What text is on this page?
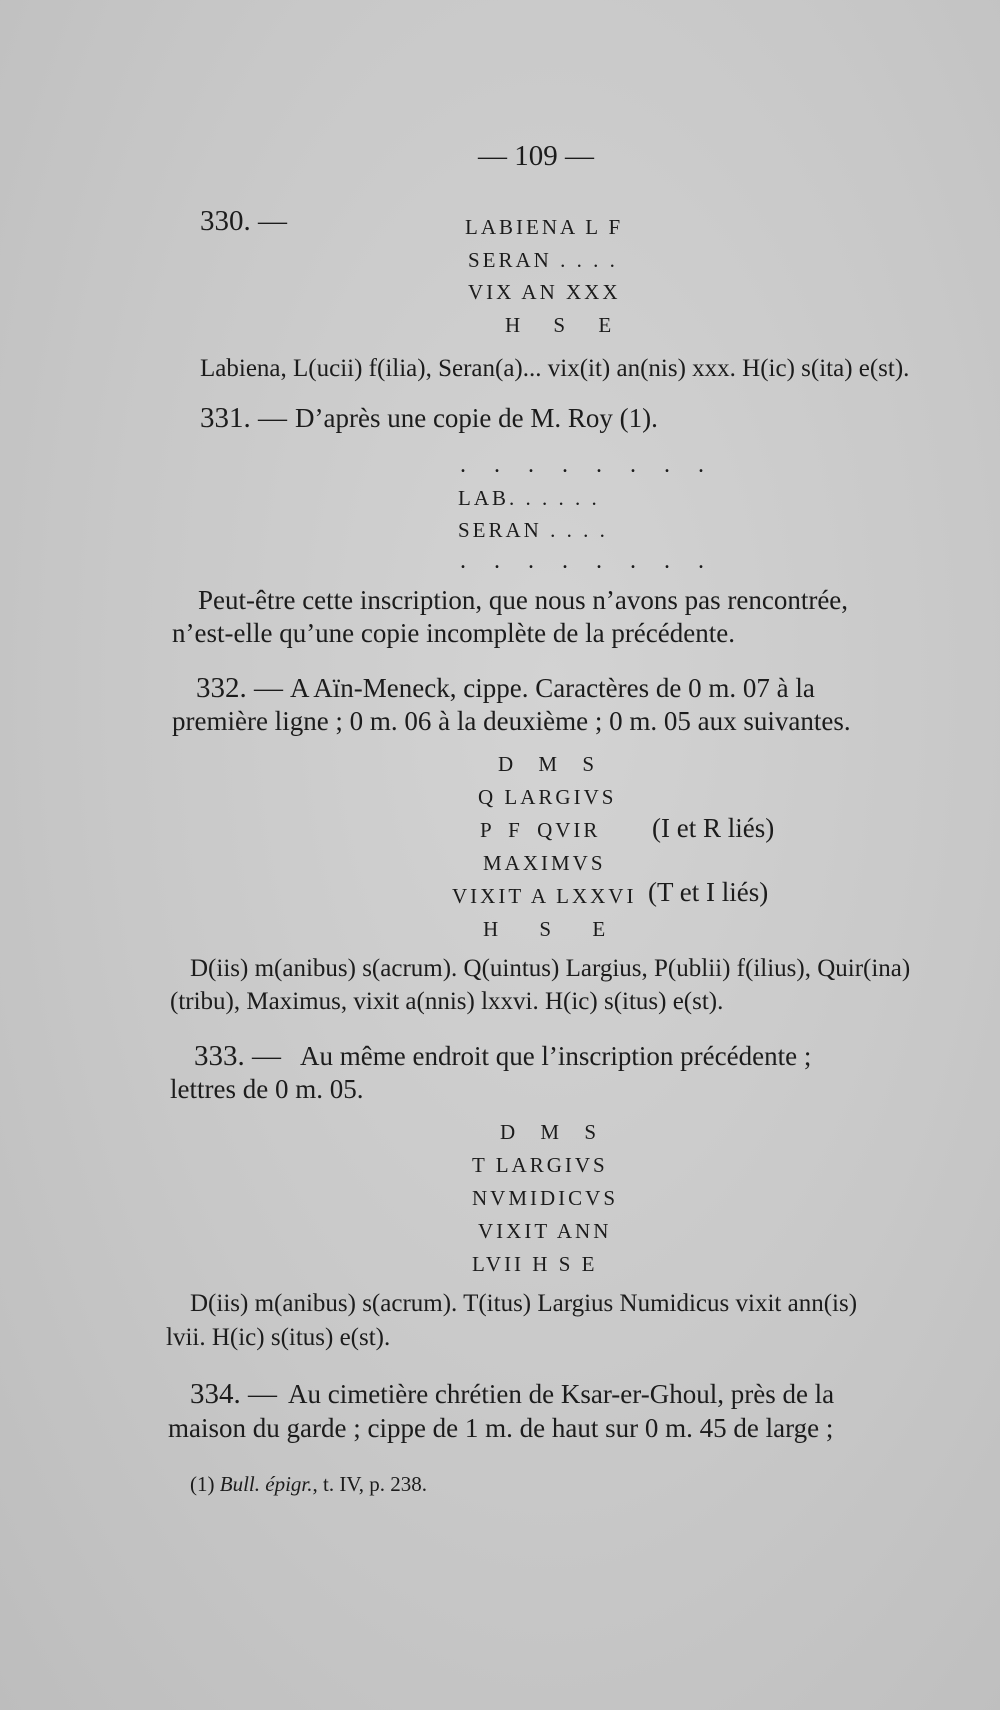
— 109 —
330. —	LABIENA L F
SERAN . . . .
VIX AN XXX
H S E
Labiena, L(ucii) f(ilia), Seran(a)... vix(it) an(nis) xxx. H(ic) s(ita) e(st).
331. — D’après une copie de M. Roy (1).
. . . . . . . .
LAB. . . . . .
SERAN . . . .
. . . . . . . .
Peut-être cette inscription, que nous n’avons pas rencontrée,
n’est-elle qu’une copie incomplète de la précédente.
332. — A Aïn-Meneck, cippe. Caractères de 0 m. 07 à la
première ligne ; 0 m. 06 à la deuxième ; 0 m. 05 aux suivantes.
D M S
Q LARGIVS
P F QVIR
MAXIMVS
VIXIT A LXXVI
H S E
(I et R liés)
(T et I liés)
D(iis) m(anibus) s(acrum). Q(uintus) Largius, P(ublii) f(ilius), Quir(ina)
(tribu), Maximus, vixit a(nnis) lxxvi. H(ic) s(itus) e(st).
333. — Au même endroit que l’inscription précédente ;
lettres de 0 m. 05.
D M S
T LARGIVS
NVMIDICVS
VIXIT ANN
LVII H S E
D(iis) m(anibus) s(acrum). T(itus) Largius Numidicus vixit ann(is)
lvii. H(ic) s(itus) e(st).
334. — Au cimetière chrétien de Ksar-er-Ghoul, près de la
maison du garde ; cippe de 1 m. de haut sur 0 m. 45 de large ;
(1) Bull. épigr., t. IV, p. 238.
